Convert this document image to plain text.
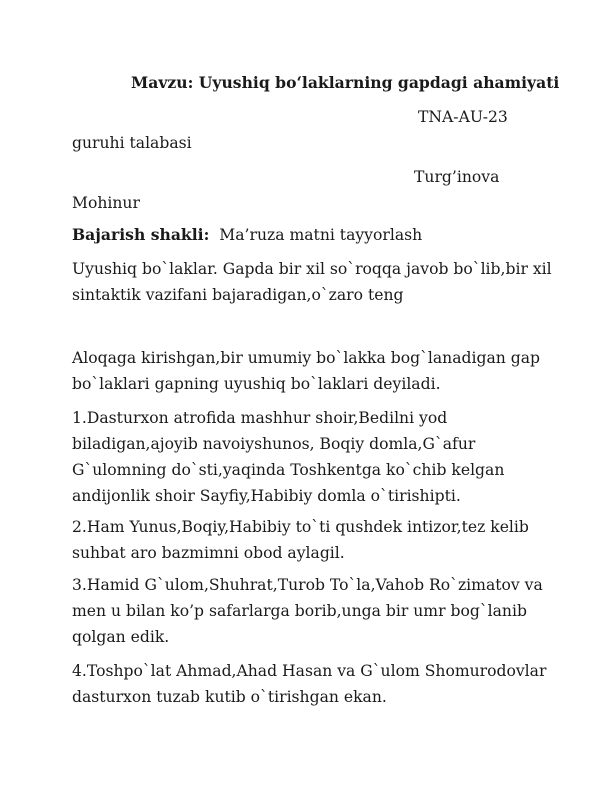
Mavzu: Uyushiq bo‘laklarning gapdagi ahamiyati
TNA-AU-23
guruhi talabasi
Turg’inova
Mohinur
Bajarish shakli: Ma’ruza matni tayyorlash
Uyushiq bo`laklar. Gapda bir xil so`roqqa javob bo`lib,bir xil
sintaktik vazifani bajaradigan,o`zaro teng
Aloqaga kirishgan,bir umumiy bo`lakka bog`lanadigan gap
bo`laklari gapning uyushiq bo`laklari deyiladi.
1.Dasturxon atrofida mashhur shoir,Bedilni yod
biladigan,ajoyib navoiyshunos, Boqiy domla,G`afur
G`ulomning do`sti,yaqinda Toshkentga ko`chib kelgan
andijonlik shoir Sayfiy,Habibiy domla o`tirishipti.
2.Ham Yunus,Boqiy,Habibiy to`ti qushdek intizor,tez kelib
suhbat aro bazmimni obod aylagil.
3.Hamid G`ulom,Shuhrat,Turob To`la,Vahob Ro`zimatov va
men u bilan ko’p safarlarga borib,unga bir umr bog`lanib
qolgan edik.
4.Toshpo`lat Ahmad,Ahad Hasan va G`ulom Shomurodovlar
dasturxon tuzab kutib o`tirishgan ekan.
